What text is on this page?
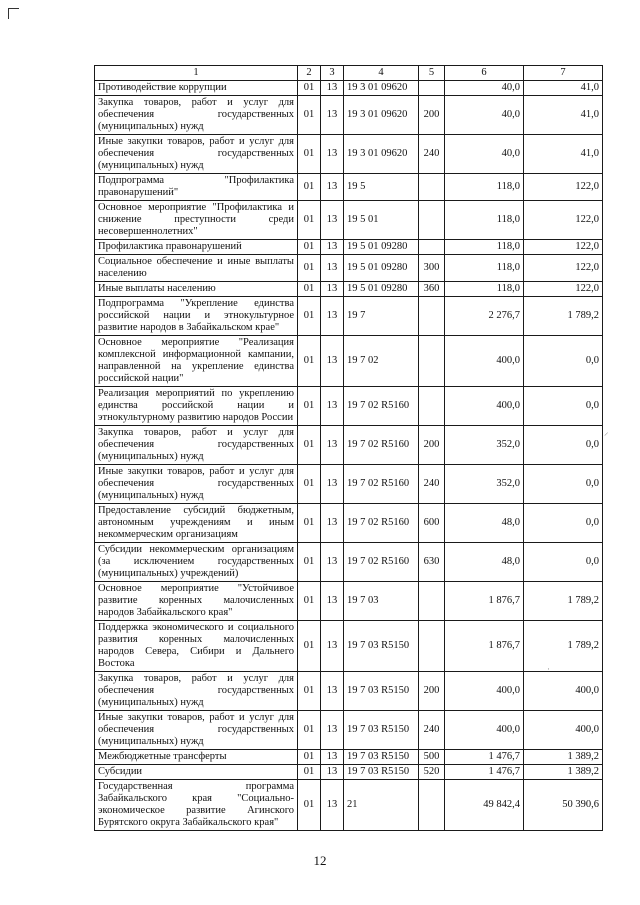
1	2	3	4	5	6	7
Противодействие коррупции	01	13	19 3 01 09620		40,0	41,0
Закупка товаров, работ и услуг для обеспечения государственных (муниципальных) нужд	01	13	19 3 01 09620	200	40,0	41,0
Иные закупки товаров, работ и услуг для обеспечения государственных (муниципальных) нужд	01	13	19 3 01 09620	240	40,0	41,0
Подпрограмма "Профилактика правонарушений"	01	13	19 5		118,0	122,0
Основное мероприятие "Профилактика и снижение преступности среди несовершеннолетних"	01	13	19 5 01		118,0	122,0
Профилактика правонарушений	01	13	19 5 01 09280		118,0	122,0
Социальное обеспечение и иные выплаты населению	01	13	19 5 01 09280	300	118,0	122,0
Иные выплаты населению	01	13	19 5 01 09280	360	118,0	122,0
Подпрограмма "Укрепление единства российской нации и этнокультурное развитие народов в Забайкальском крае"	01	13	19 7		2 276,7	1 789,2
Основное мероприятие "Реализация комплексной информационной кампании, направленной на укрепление единства российской нации"	01	13	19 7 02		400,0	0,0
Реализация мероприятий по укреплению единства российской нации и этнокультурному развитию народов России	01	13	19 7 02 R5160		400,0	0,0
Закупка товаров, работ и услуг для обеспечения государственных (муниципальных) нужд	01	13	19 7 02 R5160	200	352,0	0,0
Иные закупки товаров, работ и услуг для обеспечения государственных (муниципальных) нужд	01	13	19 7 02 R5160	240	352,0	0,0
Предоставление субсидий бюджетным, автономным учреждениям и иным некоммерческим организациям	01	13	19 7 02 R5160	600	48,0	0,0
Субсидии некоммерческим организациям (за исключением государственных (муниципальных) учреждений)	01	13	19 7 02 R5160	630	48,0	0,0
Основное мероприятие "Устойчивое развитие коренных малочисленных народов Забайкальского края"	01	13	19 7 03		1 876,7	1 789,2
Поддержка экономического и социального развития коренных малочисленных народов Севера, Сибири и Дальнего Востока	01	13	19 7 03 R5150		1 876,7	1 789,2
Закупка товаров, работ и услуг для обеспечения государственных (муниципальных) нужд	01	13	19 7 03 R5150	200	400,0	400,0
Иные закупки товаров, работ и услуг для обеспечения государственных (муниципальных) нужд	01	13	19 7 03 R5150	240	400,0	400,0
Межбюджетные трансферты	01	13	19 7 03 R5150	500	1 476,7	1 389,2
Субсидии	01	13	19 7 03 R5150	520	1 476,7	1 389,2
Государственная программа Забайкальского края "Социально-экономическое развитие Агинского Бурятского округа Забайкальского края"	01	13	21		49 842,4	50 390,6
12
⸝
·
